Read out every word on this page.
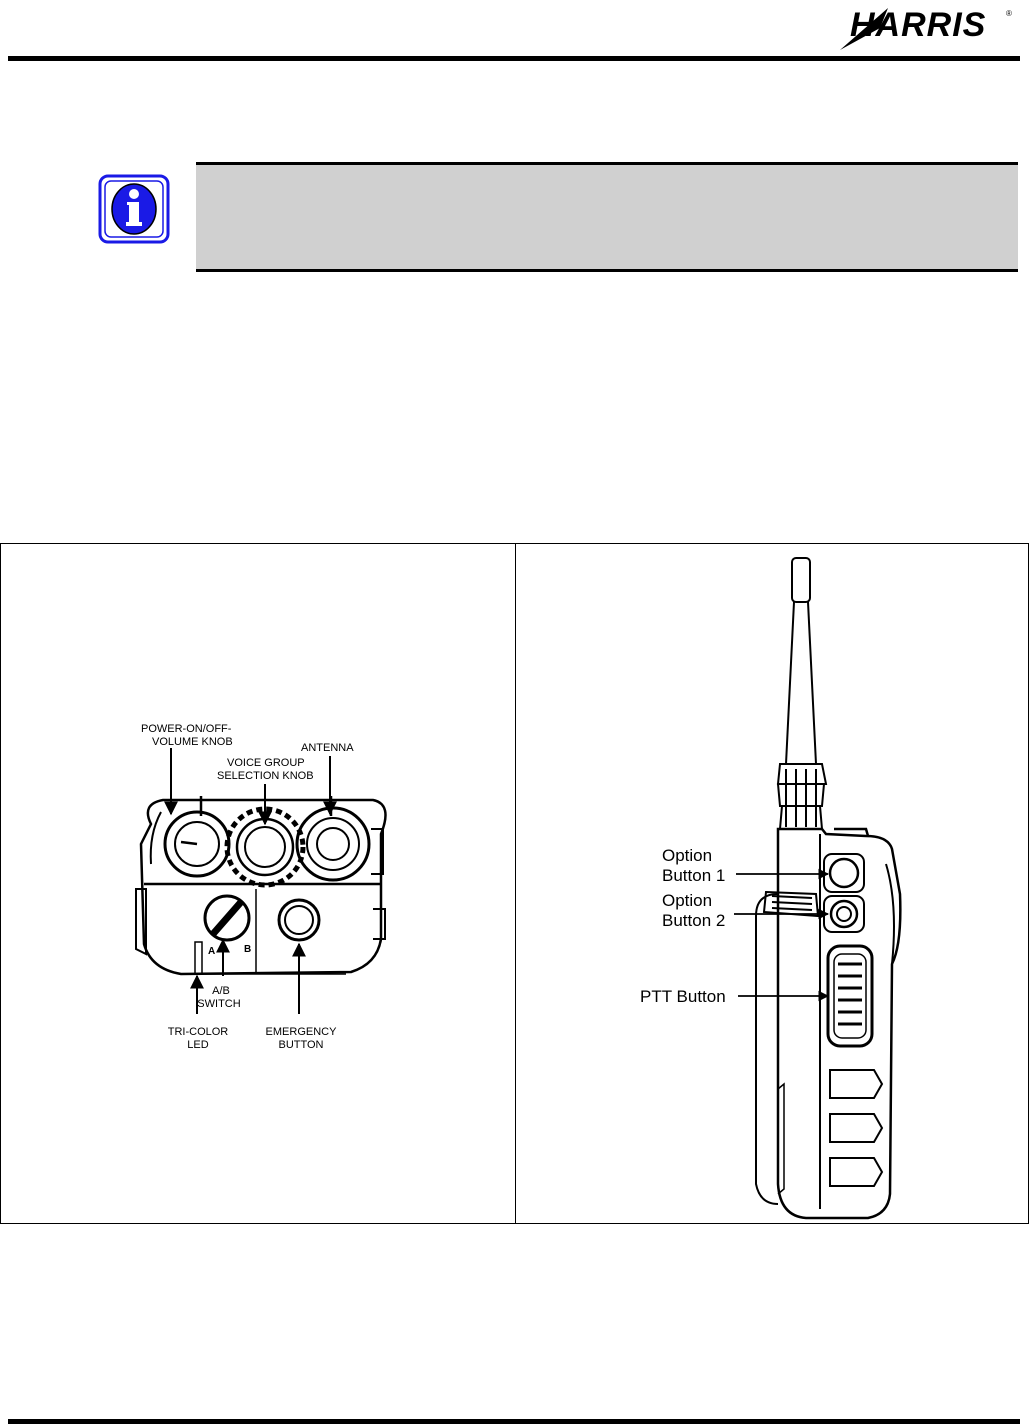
HARRIS ®
A	B
POWER-ON/OFF-
VOLUME KNOB	ANTENNA
VOICE GROUP
SELECTION KNOB
A/B
SWITCH
TRI-COLOR
LED
EMERGENCY
BUTTON
Option
Button 1
Option
Button 2
PTT Button
